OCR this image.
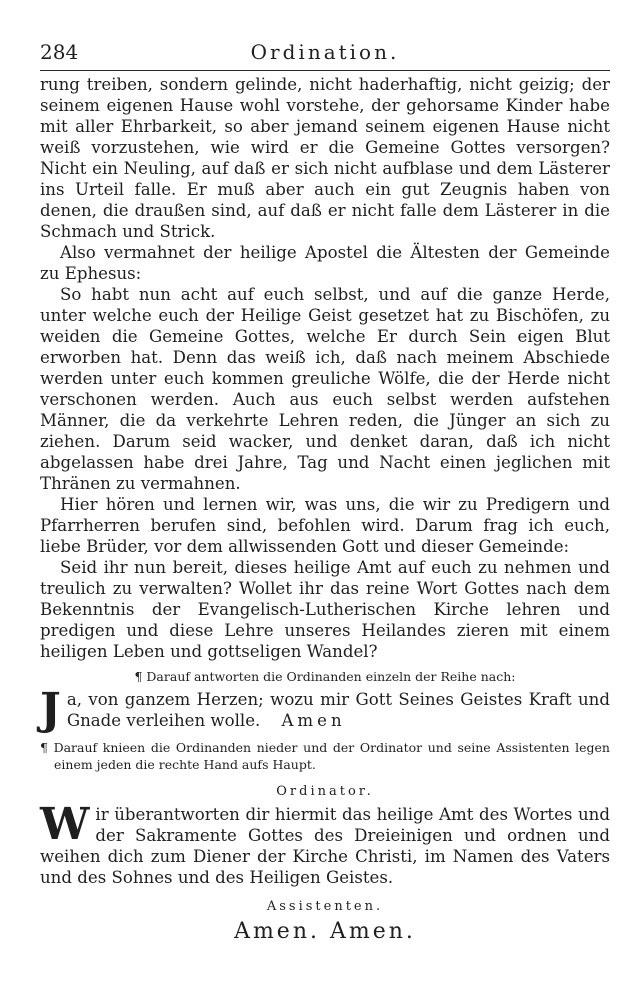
284	Ordination.

rung treiben, sondern gelinde, nicht haderhaftig, nicht geizig; der seinem eigenen Hause wohl vorstehe, der gehorsame Kinder habe mit aller Ehrbarkeit, so aber jemand seinem eigenen Hause nicht weiß vorzustehen, wie wird er die Gemeine Gottes versorgen? Nicht ein Neuling, auf daß er sich nicht aufblase und dem Lästerer ins Urteil falle. Er muß aber auch ein gut Zeugnis haben von denen, die draußen sind, auf daß er nicht falle dem Lästerer in die Schmach und Strick.

Also vermahnet der heilige Apostel die Ältesten der Gemeinde zu Ephesus:

So habt nun acht auf euch selbst, und auf die ganze Herde, unter welche euch der Heilige Geist gesetzet hat zu Bischöfen, zu weiden die Gemeine Gottes, welche Er durch Sein eigen Blut erworben hat. Denn das weiß ich, daß nach meinem Abschiede werden unter euch kommen greuliche Wölfe, die der Herde nicht verschonen werden. Auch aus euch selbst werden aufstehen Männer, die da verkehrte Lehren reden, die Jünger an sich zu ziehen. Darum seid wacker, und denket daran, daß ich nicht abgelassen habe drei Jahre, Tag und Nacht einen jeglichen mit Thränen zu vermahnen.

Hier hören und lernen wir, was uns, die wir zu Predigern und Pfarrherren berufen sind, befohlen wird. Darum frag ich euch, liebe Brüder, vor dem allwissenden Gott und dieser Gemeinde:

Seid ihr nun bereit, dieses heilige Amt auf euch zu nehmen und treulich zu verwalten? Wollet ihr das reine Wort Gottes nach dem Bekenntnis der Evangelisch-Lutherischen Kirche lehren und predigen und diese Lehre unseres Heilandes zieren mit einem heiligen Leben und gottseligen Wandel?

¶ Darauf antworten die Ordinanden einzeln der Reihe nach:

Ja, von ganzem Herzen; wozu mir Gott Seines Geistes Kraft und Gnade verleihen wolle. Amen

¶ Darauf knieen die Ordinanden nieder und der Ordinator und seine Assistenten legen einem jeden die rechte Hand aufs Haupt.

Ordinator.

Wir überantworten dir hiermit das heilige Amt des Wortes und der Sakramente Gottes des Dreieinigen und ordnen und weihen dich zum Diener der Kirche Christi, im Namen des Vaters und des Sohnes und des Heiligen Geistes.

Assistenten.
Amen. Amen.
